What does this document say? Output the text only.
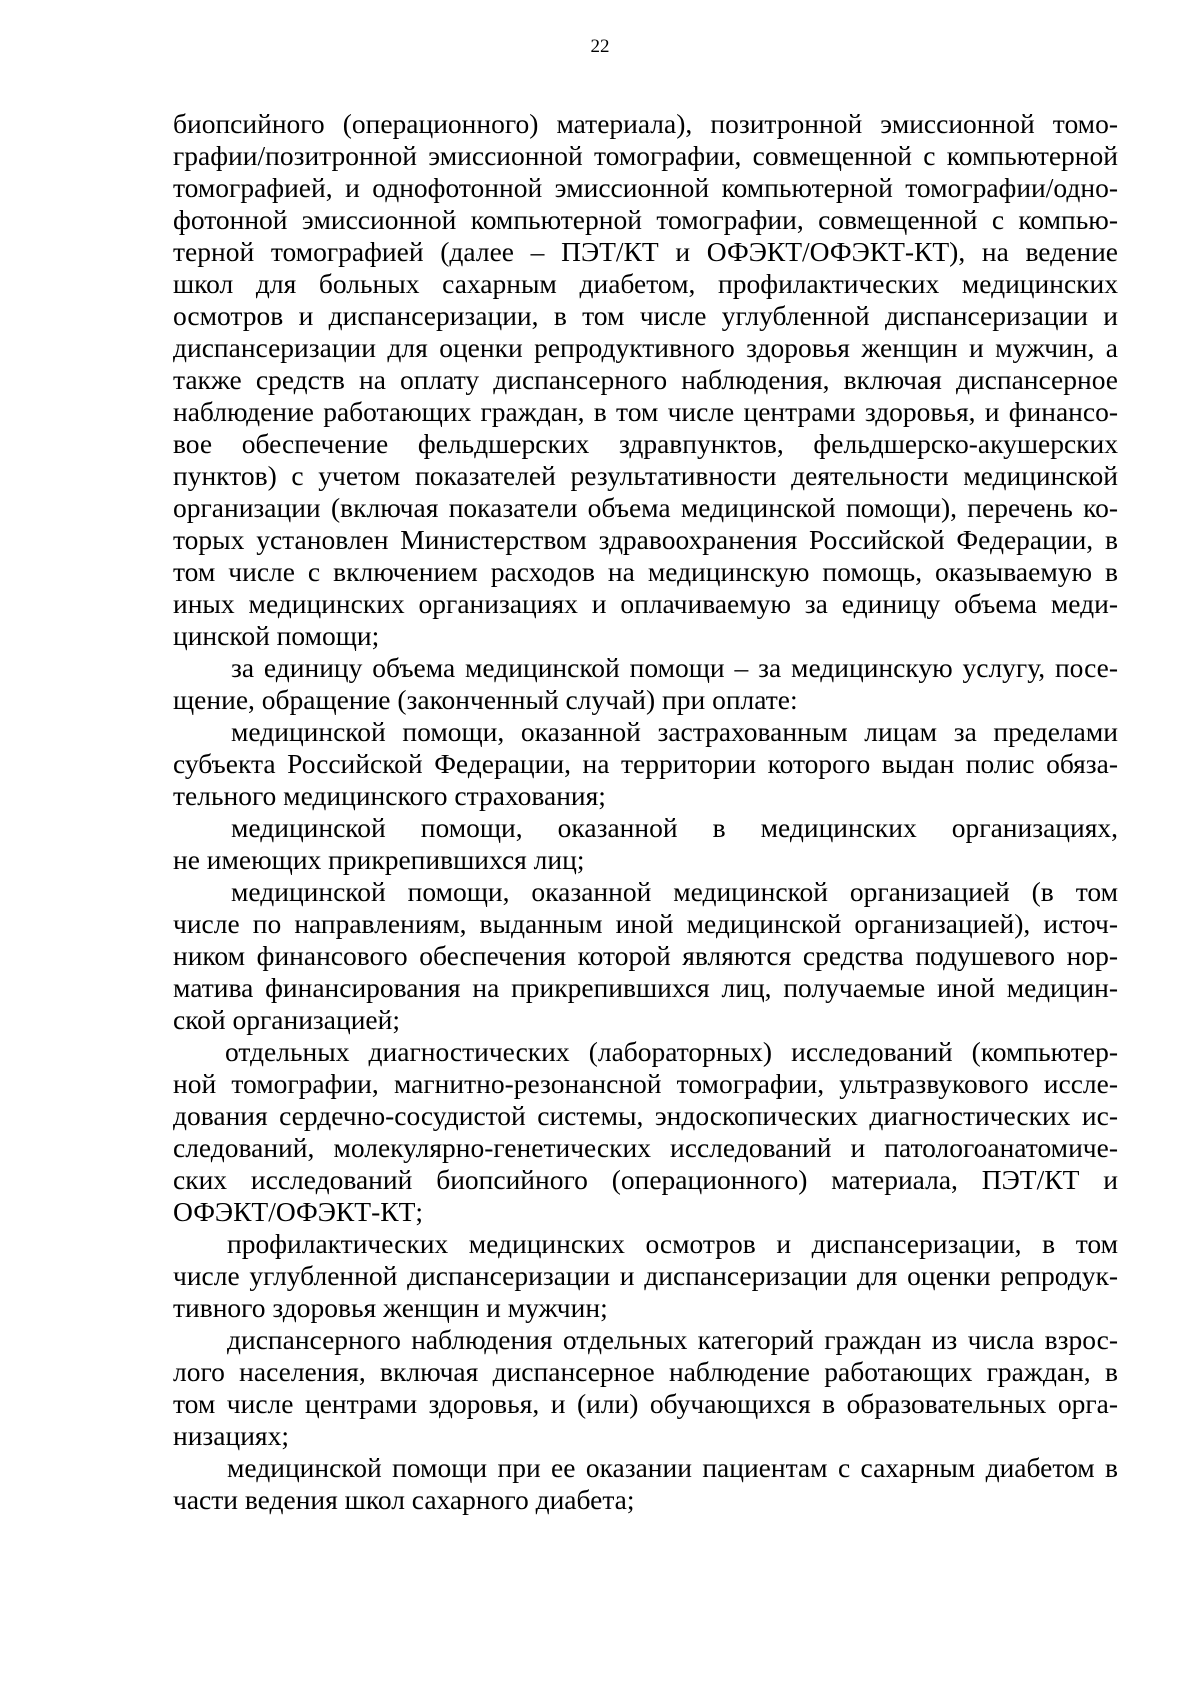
22
биопсийного (операционного) материала), позитронной эмиссионной томо-
графии/позитронной эмиссионной томографии, совмещенной с компьютерной
томографией, и однофотонной эмиссионной компьютерной томографии/одно-
фотонной эмиссионной компьютерной томографии, совмещенной с компью-
терной томографией (далее – ПЭТ/КТ и ОФЭКТ/ОФЭКТ-КТ), на ведение
школ для больных сахарным диабетом, профилактических медицинских
осмотров и диспансеризации, в том числе углубленной диспансеризации и
диспансеризации для оценки репродуктивного здоровья женщин и мужчин, а
также средств на оплату диспансерного наблюдения, включая диспансерное
наблюдение работающих граждан, в том числе центрами здоровья, и финансо-
вое обеспечение фельдшерских здравпунктов, фельдшерско-акушерских
пунктов) с учетом показателей результативности деятельности медицинской
организации (включая показатели объема медицинской помощи), перечень ко-
торых установлен Министерством здравоохранения Российской Федерации, в
том числе с включением расходов на медицинскую помощь, оказываемую в
иных медицинских организациях и оплачиваемую за единицу объема меди-
цинской помощи;
за единицу объема медицинской помощи – за медицинскую услугу, посе-
щение, обращение (законченный случай) при оплате:
медицинской помощи, оказанной застрахованным лицам за пределами
субъекта Российской Федерации, на территории которого выдан полис обяза-
тельного медицинского страхования;
медицинской помощи, оказанной в медицинских организациях,
не имеющих прикрепившихся лиц;
медицинской помощи, оказанной медицинской организацией (в том
числе по направлениям, выданным иной медицинской организацией), источ-
ником финансового обеспечения которой являются средства подушевого нор-
матива финансирования на прикрепившихся лиц, получаемые иной медицин-
ской организацией;
отдельных диагностических (лабораторных) исследований (компьютер-
ной томографии, магнитно-резонансной томографии, ультразвукового иссле-
дования сердечно-сосудистой системы, эндоскопических диагностических ис-
следований, молекулярно-генетических исследований и патологоанатомиче-
ских исследований биопсийного (операционного) материала, ПЭТ/КТ и
ОФЭКТ/ОФЭКТ-КТ;
профилактических медицинских осмотров и диспансеризации, в том
числе углубленной диспансеризации и диспансеризации для оценки репродук-
тивного здоровья женщин и мужчин;
диспансерного наблюдения отдельных категорий граждан из числа взрос-
лого населения, включая диспансерное наблюдение работающих граждан, в
том числе центрами здоровья, и (или) обучающихся в образовательных орга-
низациях;
медицинской помощи при ее оказании пациентам с сахарным диабетом в
части ведения школ сахарного диабета;
